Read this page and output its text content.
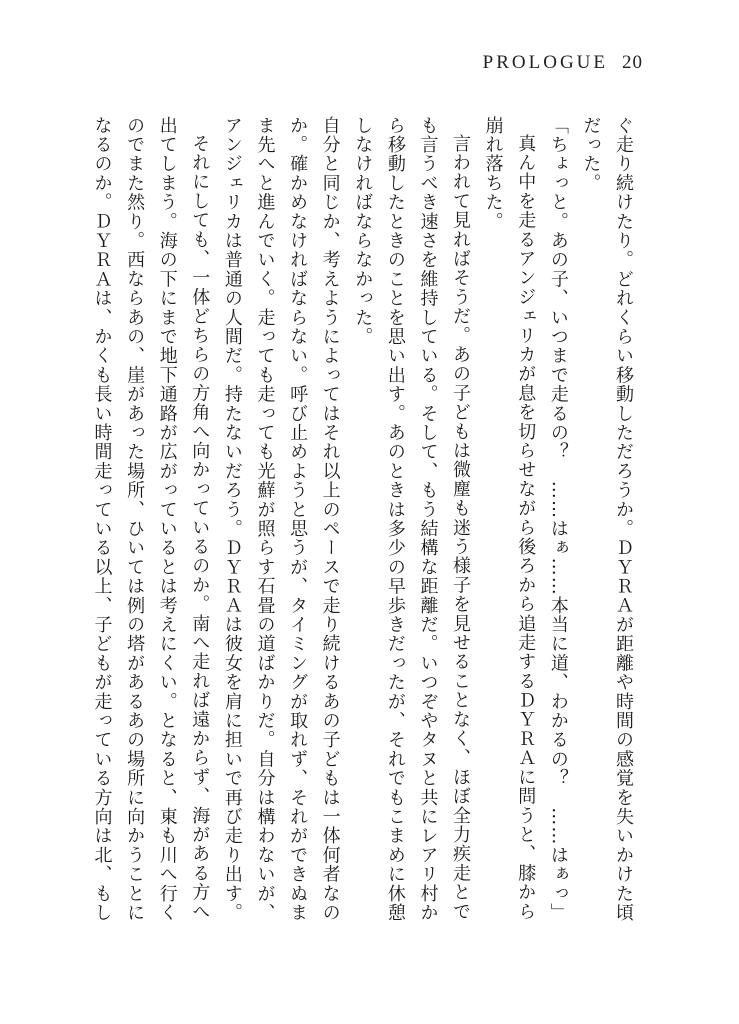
PROLOGUE 20

ぐ走り続けたり。どれくらい移動しただろうか。ＤＹＲＡが距離や時間の感覚を失いかけた頃だった。

「ちょっと。あの子、いつまで走るの？　……はぁ……本当に道、わかるの？　……はぁっ」

真ん中を走るアンジェリカが息を切らせながら後ろから追走するＤＹＲＡに問うと、膝から崩れ落ちた。

言われて見ればそうだ。あの子どもは微塵も迷う様子を見せることなく、ほぼ全力疾走とでも言うべき速さを維持している。そして、もう結構な距離だ。いつぞやタヌと共にレアリ村から移動したときのことを思い出す。あのときは多少の早歩きだったが、それでもこまめに休憩しなければならなかった。

自分と同じか、考えようによってはそれ以上のペースで走り続けるあの子どもは一体何者なのか。確かめなければならない。呼び止めようと思うが、タイミングが取れず、それができぬまま先へと進んでいく。走っても走っても光蘚が照らす石畳の道ばかりだ。自分は構わないが、アンジェリカは普通の人間だ。持たないだろう。ＤＹＲＡは彼女を肩に担いで再び走り出す。

それにしても、一体どちらの方角へ向かっているのか。南へ走れば遠からず、海がある方へ出てしまう。海の下にまで地下通路が広がっているとは考えにくい。となると、東も川へ行くのでまた然り。西ならあの、崖があった場所、ひいては例の塔があるあの場所に向かうことになるのか。ＤＹＲＡは、かくも長い時間走っている以上、子どもが走っている方向は北、もし
